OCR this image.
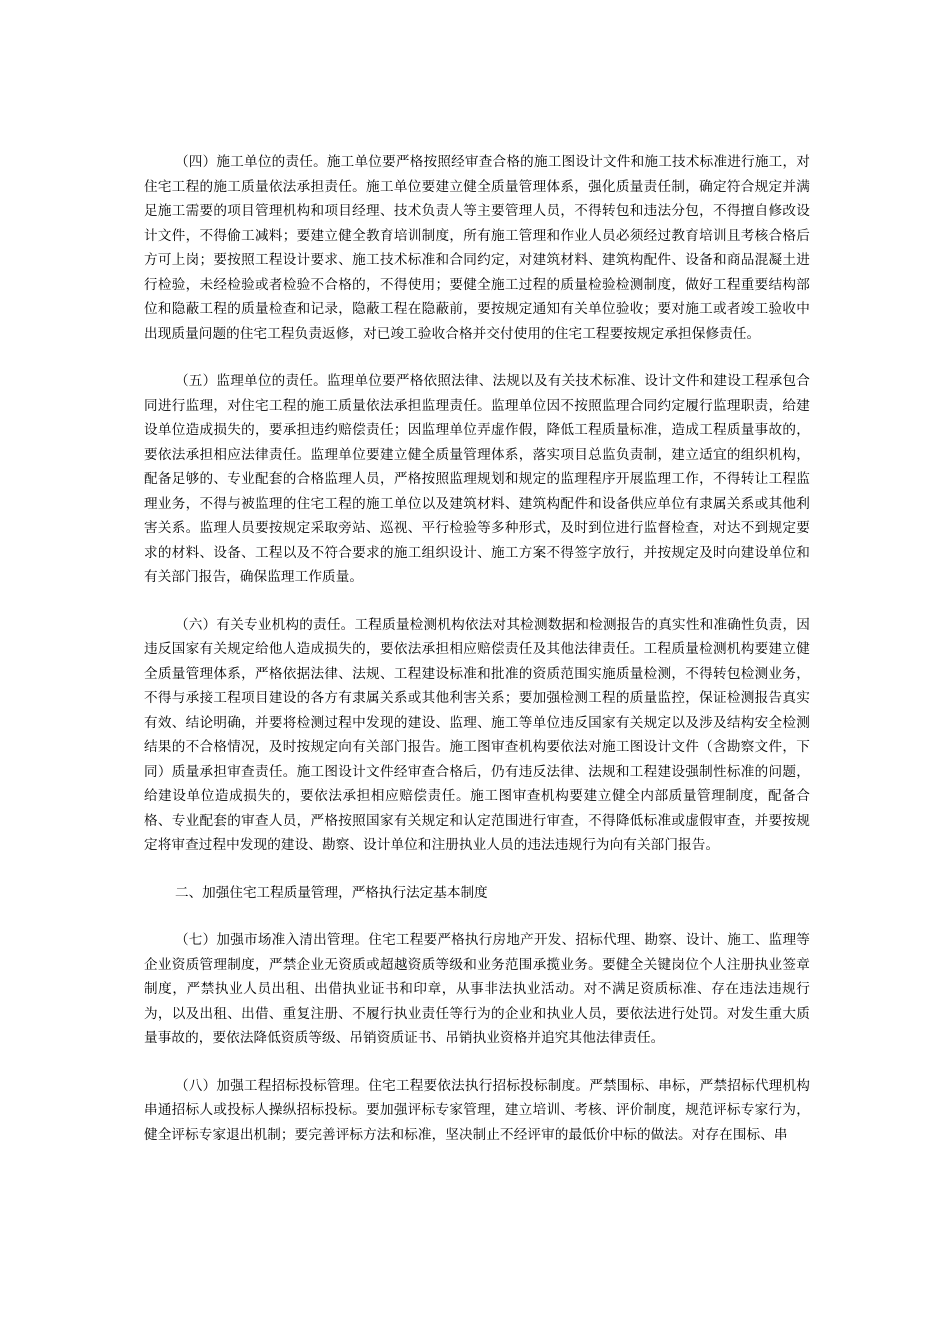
（四）施工单位的责任。施工单位要严格按照经审查合格的施工图设计文件和施工技术标准进行施工，对住宅工程的施工质量依法承担责任。施工单位要建立健全质量管理体系，强化质量责任制，确定符合规定并满足施工需要的项目管理机构和项目经理、技术负责人等主要管理人员，不得转包和违法分包，不得擅自修改设计文件，不得偷工减料；要建立健全教育培训制度，所有施工管理和作业人员必须经过教育培训且考核合格后方可上岗；要按照工程设计要求、施工技术标准和合同约定，对建筑材料、建筑构配件、设备和商品混凝土进行检验，未经检验或者检验不合格的，不得使用；要健全施工过程的质量检验检测制度，做好工程重要结构部位和隐蔽工程的质量检查和记录，隐蔽工程在隐蔽前，要按规定通知有关单位验收；要对施工或者竣工验收中出现质量问题的住宅工程负责返修，对已竣工验收合格并交付使用的住宅工程要按规定承担保修责任。

（五）监理单位的责任。监理单位要严格依照法律、法规以及有关技术标准、设计文件和建设工程承包合同进行监理，对住宅工程的施工质量依法承担监理责任。监理单位因不按照监理合同约定履行监理职责，给建设单位造成损失的，要承担违约赔偿责任；因监理单位弄虚作假，降低工程质量标准，造成工程质量事故的，要依法承担相应法律责任。监理单位要建立健全质量管理体系，落实项目总监负责制，建立适宜的组织机构，配备足够的、专业配套的合格监理人员，严格按照监理规划和规定的监理程序开展监理工作，不得转让工程监理业务，不得与被监理的住宅工程的施工单位以及建筑材料、建筑构配件和设备供应单位有隶属关系或其他利害关系。监理人员要按规定采取旁站、巡视、平行检验等多种形式，及时到位进行监督检查，对达不到规定要求的材料、设备、工程以及不符合要求的施工组织设计、施工方案不得签字放行，并按规定及时向建设单位和有关部门报告，确保监理工作质量。

（六）有关专业机构的责任。工程质量检测机构依法对其检测数据和检测报告的真实性和准确性负责，因违反国家有关规定给他人造成损失的，要依法承担相应赔偿责任及其他法律责任。工程质量检测机构要建立健全质量管理体系，严格依据法律、法规、工程建设标准和批准的资质范围实施质量检测，不得转包检测业务，不得与承接工程项目建设的各方有隶属关系或其他利害关系；要加强检测工程的质量监控，保证检测报告真实有效、结论明确，并要将检测过程中发现的建设、监理、施工等单位违反国家有关规定以及涉及结构安全检测结果的不合格情况，及时按规定向有关部门报告。施工图审查机构要依法对施工图设计文件（含勘察文件，下同）质量承担审查责任。施工图设计文件经审查合格后，仍有违反法律、法规和工程建设强制性标准的问题，给建设单位造成损失的，要依法承担相应赔偿责任。施工图审查机构要建立健全内部质量管理制度，配备合格、专业配套的审查人员，严格按照国家有关规定和认定范围进行审查，不得降低标准或虚假审查，并要按规定将审查过程中发现的建设、勘察、设计单位和注册执业人员的违法违规行为向有关部门报告。

二、加强住宅工程质量管理，严格执行法定基本制度

（七）加强市场准入清出管理。住宅工程要严格执行房地产开发、招标代理、勘察、设计、施工、监理等企业资质管理制度，严禁企业无资质或超越资质等级和业务范围承揽业务。要健全关键岗位个人注册执业签章制度，严禁执业人员出租、出借执业证书和印章，从事非法执业活动。对不满足资质标准、存在违法违规行为，以及出租、出借、重复注册、不履行执业责任等行为的企业和执业人员，要依法进行处罚。对发生重大质量事故的，要依法降低资质等级、吊销资质证书、吊销执业资格并追究其他法律责任。

（八）加强工程招标投标管理。住宅工程要依法执行招标投标制度。严禁围标、串标，严禁招标代理机构串通招标人或投标人操纵招标投标。要加强评标专家管理，建立培训、考核、评价制度，规范评标专家行为，健全评标专家退出机制；要完善评标方法和标准，坚决制止不经评审的最低价中标的做法。对存在围标、串
